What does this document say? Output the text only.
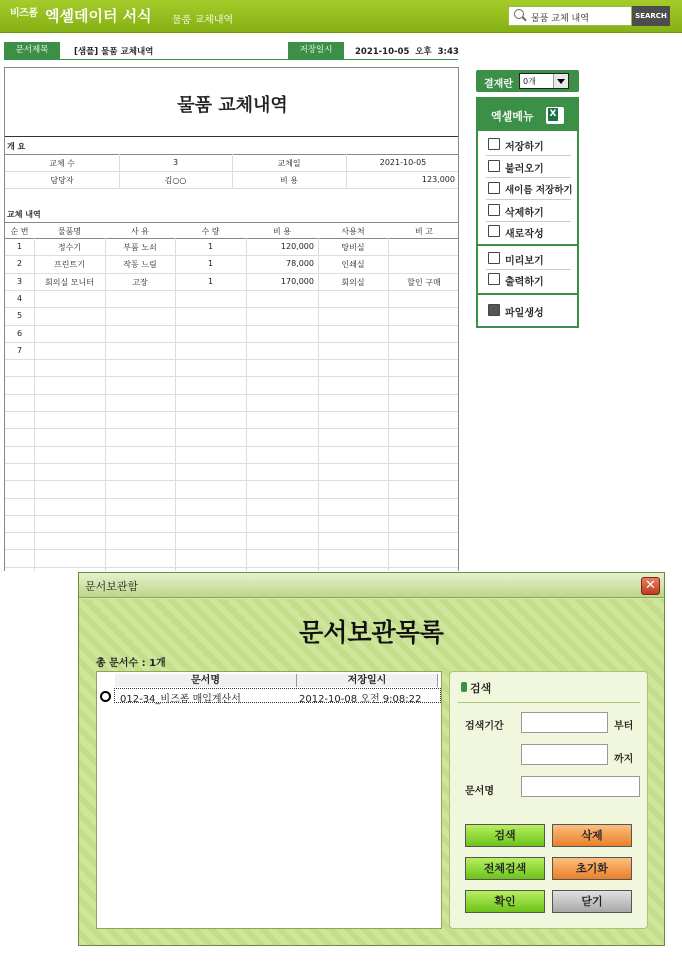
비즈폼 엑셀데이터 서식 물품 교체내역	물품 교체 내역	SEARCH
문서제목	[샘플] 물품 교체내역	저장일시	2021-10-05  오후  3:43
물품 교체내역
개 요
교체 수	3	교체일	2021-10-05
담당자	김○○	비 용	123,000
교체 내역
순 번	물품명	사 유	수 량	비 용	사용처	비 고
1	정수기	부품 노쇠	1	120,000	탕비실
2	프린트기	작동 느림	1	78,000	인쇄실
3	회의실 모니터	고장	1	170,000	회의실	할인 구매
4
5
6
7
결재란	0개
엑셀메뉴
X
저장하기
불러오기
새이름 저장하기
삭제하기
새로작성
미리보기
출력하기
파일생성
문서보관함	✕
문서보관목록
총 문서수 : 1개
문서명	저장일시
012-34_비즈폼 매입계산서	2012-10-08 오전 9:08:22
검색
검색기간	부터
까지
문서명
검색	삭제
전체검색	초기화
확인	닫기
